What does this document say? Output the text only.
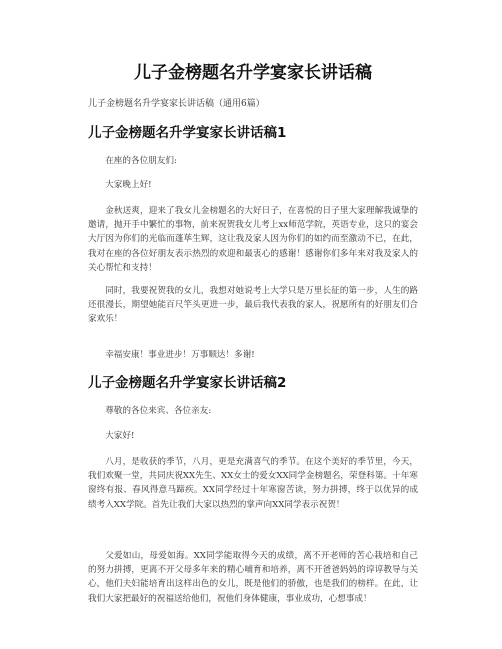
儿子金榜题名升学宴家长讲话稿

儿子金榜题名升学宴家长讲话稿（通用6篇）

儿子金榜题名升学宴家长讲话稿1

在座的各位朋友们:

大家晚上好!

金秋送爽，迎来了我女儿金榜题名的大好日子，在喜悦的日子里大家理解我诚挚的邀请，抛开手中繁忙的事物，前来祝贺我女儿考上xx师范学院，英语专业，这只的宴会大厅因为你们的光临而蓬荜生辉，这让我及家人因为你们的如约而至激动不已，在此，我对在座的各位好朋友表示热烈的欢迎和最衷心的感谢！感谢你们多年来对我及家人的关心帮忙和支持！

同时，我要祝贺我的女儿，我想对她说考上大学只是万里长征的第一步，人生的路还很漫长，期望她能百尺竿头更进一步，最后我代表我的家人，祝愿所有的好朋友们合家欢乐！

幸福安康！事业进步！万事顺达！多谢!

儿子金榜题名升学宴家长讲话稿2

尊敬的各位来宾、各位亲友:

大家好!

八月，是收获的季节，八月，更是充满喜气的季节。在这个美好的季节里，今天，我们欢聚一堂，共同庆祝XX先生、XX女士的爱女XX同学金榜题名，荣登科第。十年寒窗终有报、春风得意马蹄疾。XX同学经过十年寒窗苦读，努力拼搏，终于以优异的成绩考入XX学院。首先让我们大家以热烈的掌声向XX同学表示祝贺！

父爱如山，母爱如海。XX同学能取得今天的成绩，离不开老师的苦心栽培和自己的努力拼搏，更离不开父母多年来的精心哺育和培养，离不开爸爸妈妈的谆谆教导与关心，他们夫妇能培育出这样出色的女儿，既是他们的骄傲，也是我们的榜样。在此，让我们大家把最好的祝福送给他们，祝他们身体健康，事业成功，心想事成！
